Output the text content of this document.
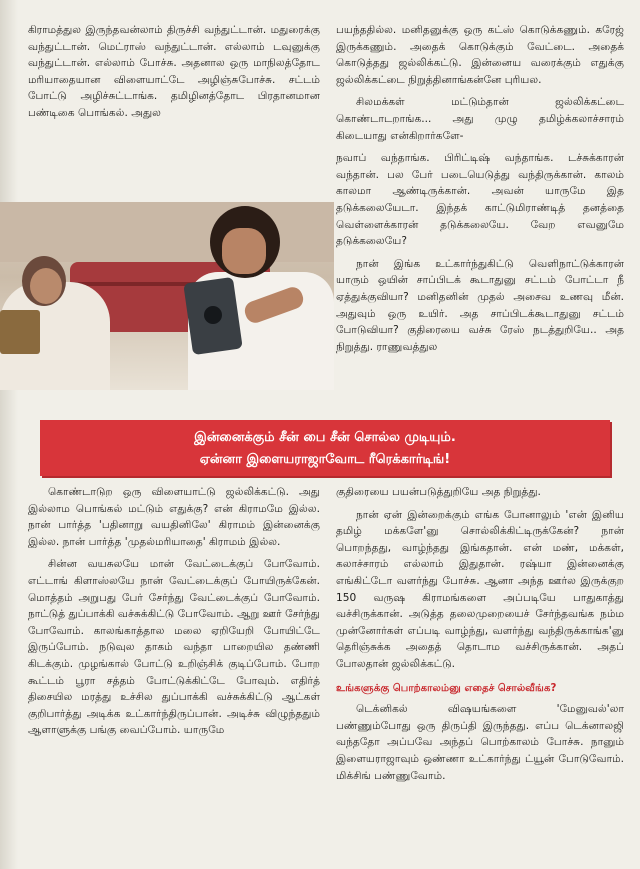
கிராமத்துல இருந்தவன்லாம் திருச்சி வந்துட்டான். மதுரைக்கு வந்துட்டான். மெட்ராஸ் வந்துட்டான். எல்லாம் டவுனுக்கு வந்துட்டான். எல்லாம் போச்சு. அதனால ஒரு மாநிலத்தோட மரியாதையான விளையாட்டே அழிஞ்சுபோச்சு. சட்டம் போட்டு அழிச்சுட்டாங்க. தமிழினத்தோட பிரதானமான பண்டிகை பொங்கல். அதுல

பயந்ததில்ல. மனிதனுக்கு ஒரு கட்ஸ் கொடுக்கணும். கரேஜ் இருக்கணும். அதைக் கொடுக்கும் வேட்டை. அதைக் கொடுத்தது ஜல்லிக்கட்டு. இன்னைய வரைக்கும் எதுக்கு ஜல்லிக்கட்டை நிறுத்தினாங்கன்னே புரியல.

சிலமக்கள் மட்டும்தான் ஜல்லிக்கட்டை கொண்டாடறாங்க... அது முழு தமிழ்க்கலாச்சாரம் கிடையாது என்கிறார்களே-

நவாப் வந்தாங்க. பிரிட்டிஷ் வந்தாங்க. டச்சுக்காரன் வந்தான். பல பேர் படையெடுத்து வந்திருக்கான். காலம் காலமா ஆண்டிருக்கான். அவன் யாருமே இத தடுக்கலையேடா. இந்தக் காட்டுமிராண்டித் தனத்தை வெள்ளைக்காரன் தடுக்கலையே. வேற எவனுமே தடுக்கலையே?

நான் இங்க உட்கார்ந்துகிட்டு வெளிநாட்டுக்காரன் யாரும் ஒயின் சாப்பிடக் கூடாதுனு சட்டம் போட்டா நீ ஏத்துக்குவியா? மனிதனின் முதல் அசைவ உணவு மீன். அதுவும் ஒரு உயிர். அத சாப்பிடக்கூடாதுனு சட்டம் போடுவியா? குதிரையை வச்சு ரேஸ் நடத்துறியே.. அத நிறுத்து. ராணுவத்துல

இன்னைக்கும் சீன் பை சீன் சொல்ல முடியும்.
ஏன்னா இளையராஜாவோட ரீரெக்கார்டிங்!

கொண்டாடுற ஒரு விளையாட்டு ஜல்லிக்கட்டு. அது இல்லாம பொங்கல் மட்டும் எதுக்கு? என் கிராமமே இல்ல. நான் பார்த்த 'பதினாறு வயதினிலே' கிராமம் இன்னைக்கு இல்ல. நான் பார்த்த 'முதல்மரியாதை' கிராமம் இல்ல.

சின்ன வயசுலயே மான் வேட்டைக்குப் போவோம். எட்டாங் கிளாஸ்லயே நான் வேட்டைக்குப் போயிருக்கேன். மொத்தம் அறுபது பேர் சேர்ந்து வேட்டைக்குப் போவோம். நாட்டுத் துப்பாக்கி வச்சுக்கிட்டு போவோம். ஆறு ஊர் சேர்ந்து போவோம். காலங்காத்தால மலை ஏறியேறி போயிட்டே இருப்போம். நடுவுல தாகம் வந்தா பாறையில தண்ணி கிடக்கும். முழங்கால் போட்டு உறிஞ்சிக் குடிப்போம். போற கூட்டம் பூரா சத்தம் போட்டுக்கிட்டே போவும். எதிர்த் திசையில மரத்து உச்சில துப்பாக்கி வச்சுக்கிட்டு ஆட்கள் குறிபார்த்து அடிக்க உட்கார்ந்திருப்பான். அடிச்சு விழுந்ததும் ஆளாளுக்கு பங்கு வைப்போம். யாருமே

குதிரையை பயன்படுத்துறியே அத நிறுத்து.

நான் ஏன் இன்றைக்கும் எங்க போனாலும் 'என் இனிய தமிழ் மக்களே'னு சொல்லிக்கிட்டிருக்கேன்? நான் பொறந்தது, வாழ்ந்தது இங்கதான். என் மண், மக்கள், கலாச்சாரம் எல்லாம் இதுதான். ரஷ்யா இன்னைக்கு எங்கிட்டோ வளர்ந்து போச்சு. ஆனா அந்த ஊர்ல இருக்குற 150 வருஷ கிராமங்களை அப்படியே பாதுகாத்து வச்சிருக்கான். அடுத்த தலைமுறையைச் சேர்ந்தவங்க நம்ம முன்னோர்கள் எப்படி வாழ்ந்து, வளர்ந்து வந்திருக்காங்க'னு தெரிஞ்சுக்க அதைத் தொடாம வச்சிருக்கான். அதப் போலதான் ஜல்லிக்கட்டு.

உங்களுக்கு பொற்காலம்னு எதைச் சொல்வீங்க?

டெக்னிகல் விஷயங்களை 'மேனுவல்'லா பண்ணும்போது ஒரு திருப்தி இருந்தது. எப்ப டெக்னாலஜி வந்ததோ அப்பவே அந்தப் பொற்காலம் போச்சு. நானும் இளையராஜாவும் ஒண்ணா உட்கார்ந்து ட்யூன் போடுவோம். மிக்சிங் பண்ணுவோம்.
